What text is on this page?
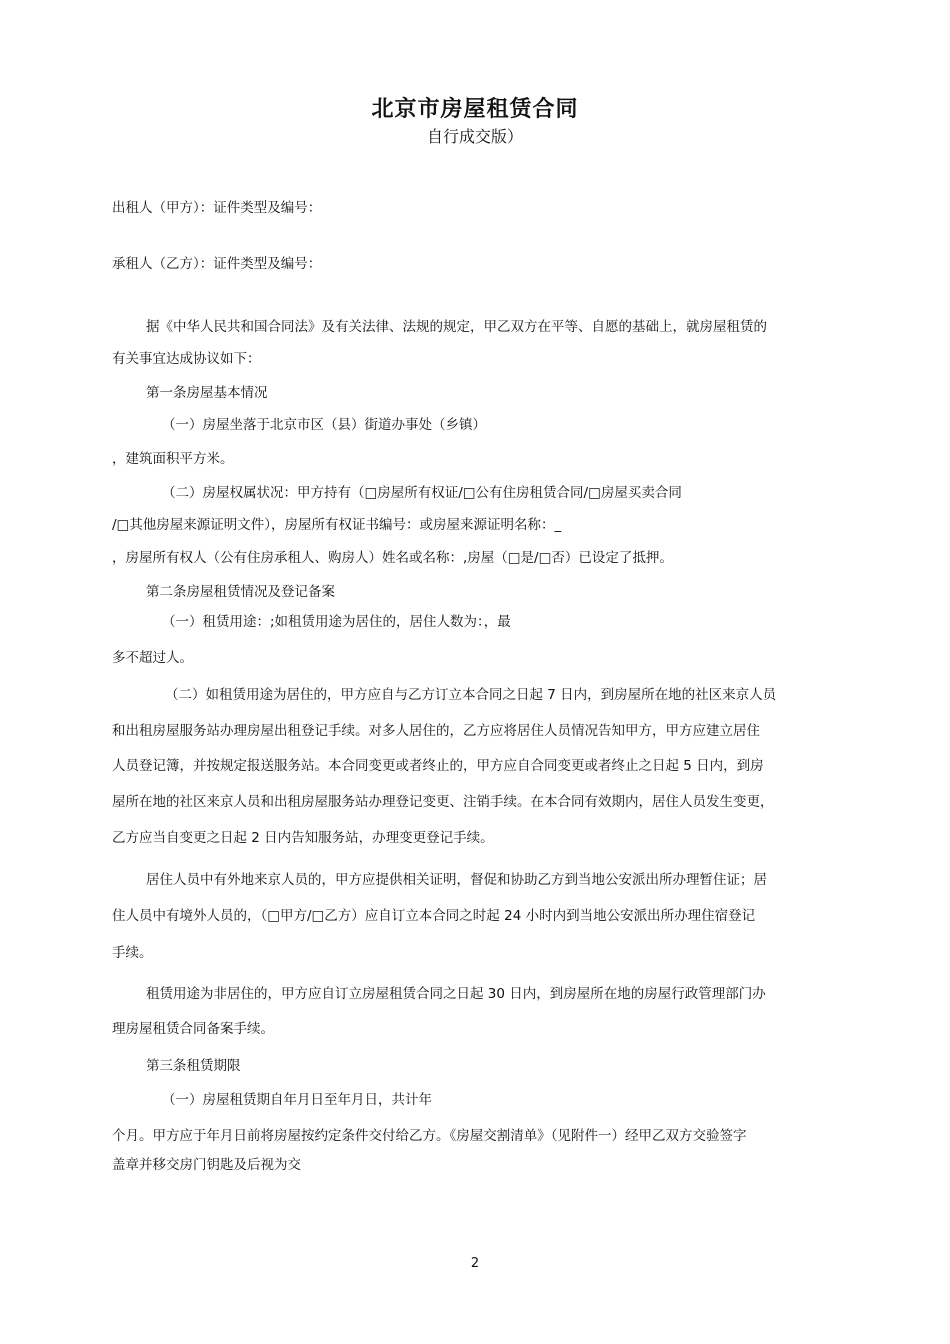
北京市房屋租赁合同
自行成交版）
出租人（甲方）：证件类型及编号：
承租人（乙方）：证件类型及编号：
据《中华人民共和国合同法》及有关法律、法规的规定，甲乙双方在平等、自愿的基础上，就房屋租赁的
有关事宜达成协议如下：
第一条房屋基本情况
（一）房屋坐落于北京市区（县）街道办事处（乡镇）
，建筑面积平方米。
（二）房屋权属状况：甲方持有（□房屋所有权证/□公有住房租赁合同/□房屋买卖合同
/□其他房屋来源证明文件），房屋所有权证书编号：或房屋来源证明名称：_
，房屋所有权人（公有住房承租人、购房人）姓名或名称：,房屋（□是/□否）已设定了抵押。
第二条房屋租赁情况及登记备案
（一）租赁用途：;如租赁用途为居住的，居住人数为：，最
多不超过人。
（二）如租赁用途为居住的，甲方应自与乙方订立本合同之日起 7 日内，到房屋所在地的社区来京人员
和出租房屋服务站办理房屋出租登记手续。对多人居住的，乙方应将居住人员情况告知甲方，甲方应建立居住
人员登记簿，并按规定报送服务站。本合同变更或者终止的，甲方应自合同变更或者终止之日起 5 日内，到房
屋所在地的社区来京人员和出租房屋服务站办理登记变更、注销手续。在本合同有效期内，居住人员发生变更，
乙方应当自变更之日起 2 日内告知服务站，办理变更登记手续。
居住人员中有外地来京人员的，甲方应提供相关证明，督促和协助乙方到当地公安派出所办理暂住证；居
住人员中有境外人员的，（□甲方/□乙方）应自订立本合同之时起 24 小时内到当地公安派出所办理住宿登记
手续。
租赁用途为非居住的，甲方应自订立房屋租赁合同之日起 30 日内，到房屋所在地的房屋行政管理部门办
理房屋租赁合同备案手续。
第三条租赁期限
（一）房屋租赁期自年月日至年月日，共计年
个月。甲方应于年月日前将房屋按约定条件交付给乙方。《房屋交割清单》（见附件一）经甲乙双方交验签字
盖章并移交房门钥匙及后视为交
2
